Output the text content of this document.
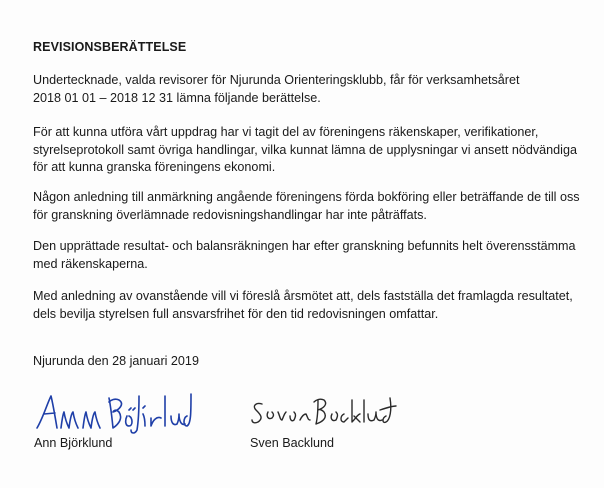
REVISIONSBERÄTTELSE
Undertecknade, valda revisorer för Njurunda Orienteringsklubb, får för verksamhetsåret
2018 01 01 – 2018 12 31 lämna följande berättelse.
För att kunna utföra vårt uppdrag har vi tagit del av föreningens räkenskaper, verifikationer,
styrelseprotokoll samt övriga handlingar, vilka kunnat lämna de upplysningar vi ansett nödvändiga
för att kunna granska föreningens ekonomi.
Någon anledning till anmärkning angående föreningens förda bokföring eller beträffande de till oss
för granskning överlämnade redovisningshandlingar har inte påträffats.
Den upprättade resultat- och balansräkningen har efter granskning befunnits helt överensstämma
med räkenskaperna.
Med anledning av ovanstående vill vi föreslå årsmötet att, dels fastställa det framlagda resultatet,
dels bevilja styrelsen full ansvarsfrihet för den tid redovisningen omfattar.
Njurunda den 28 januari 2019
Ann Björklund	Sven Backlund
